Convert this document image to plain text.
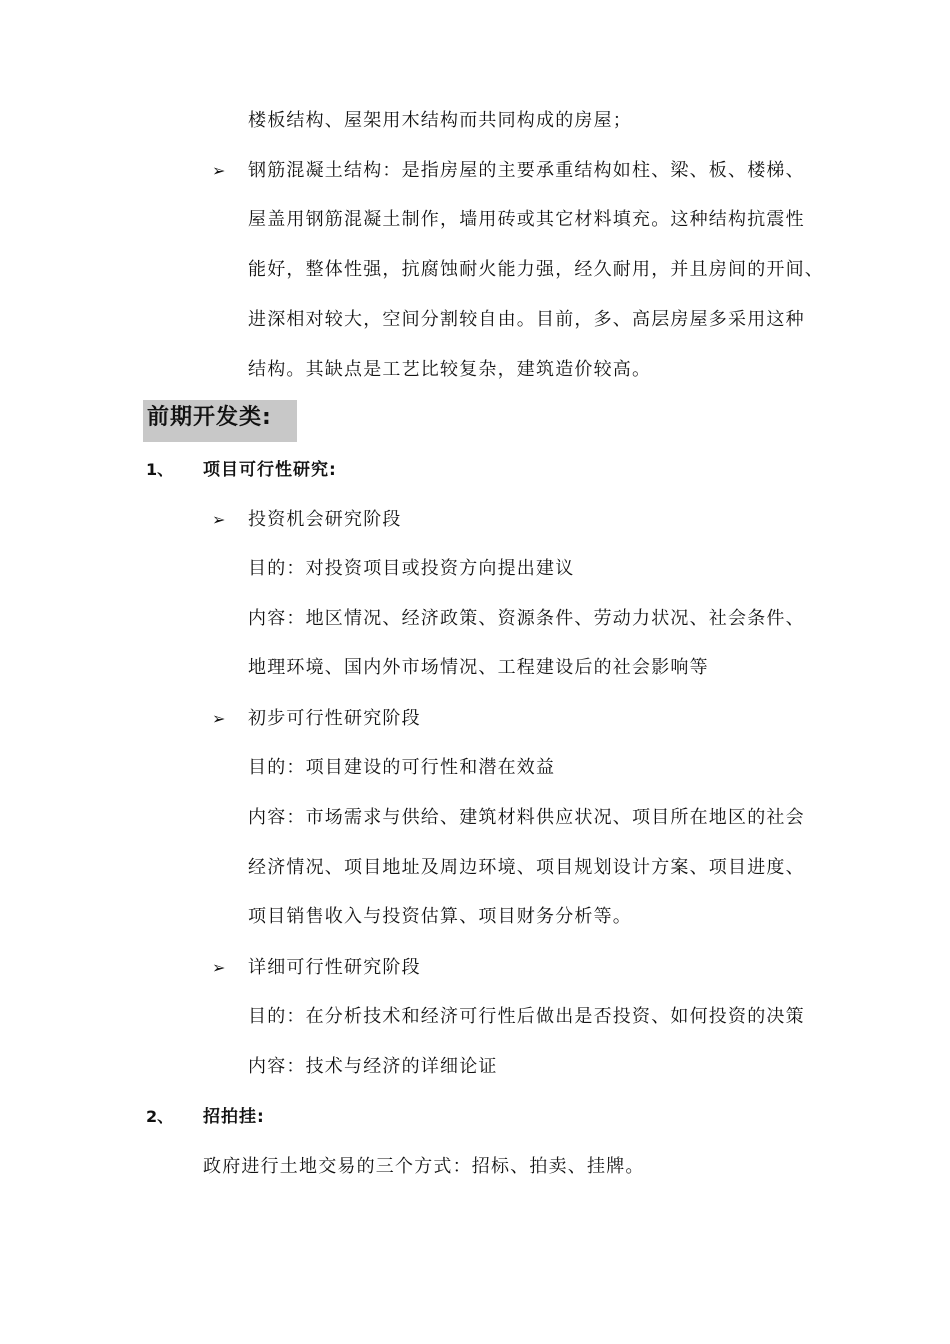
楼板结构、屋架用木结构而共同构成的房屋；
➢ 钢筋混凝土结构：是指房屋的主要承重结构如柱、梁、板、楼梯、
屋盖用钢筋混凝土制作，墙用砖或其它材料填充。这种结构抗震性
能好，整体性强，抗腐蚀耐火能力强，经久耐用，并且房间的开间、
进深相对较大，空间分割较自由。目前，多、高层房屋多采用这种
结构。其缺点是工艺比较复杂，建筑造价较高。
前期开发类:
1、 项目可行性研究:
➢ 投资机会研究阶段
目的：对投资项目或投资方向提出建议
内容：地区情况、经济政策、资源条件、劳动力状况、社会条件、
地理环境、国内外市场情况、工程建设后的社会影响等
➢ 初步可行性研究阶段
目的：项目建设的可行性和潜在效益
内容：市场需求与供给、建筑材料供应状况、项目所在地区的社会
经济情况、项目地址及周边环境、项目规划设计方案、项目进度、
项目销售收入与投资估算、项目财务分析等。
➢ 详细可行性研究阶段
目的：在分析技术和经济可行性后做出是否投资、如何投资的决策
内容：技术与经济的详细论证
2、 招拍挂:
政府进行土地交易的三个方式：招标、拍卖、挂牌。
